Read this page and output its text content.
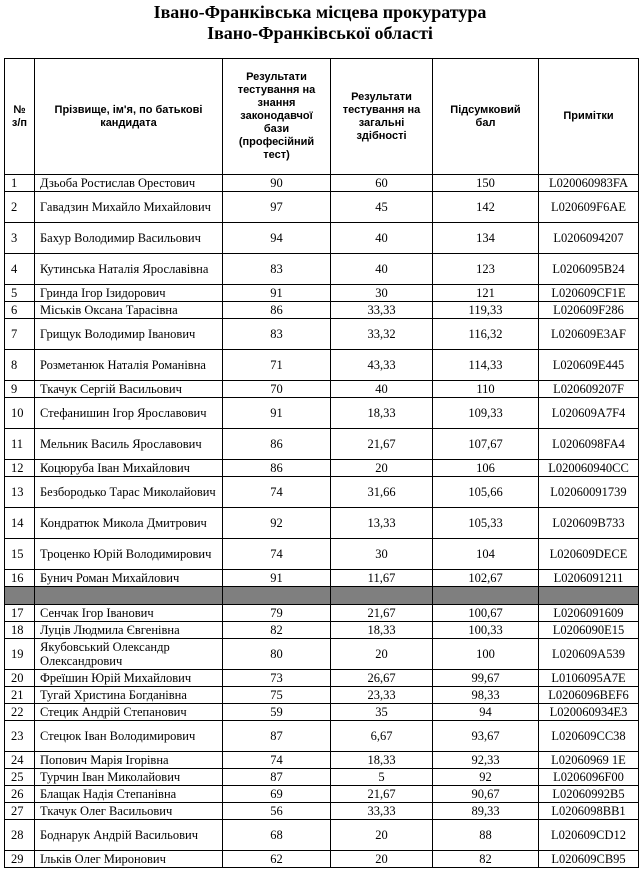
Івано-Франківська місцева прокуратура
Івано-Франківської області
№ з/п	Прізвище, ім'я, по батькові кандидата	Результати тестування на знання законодавчої бази (професійний тест)	Результати тестування на загальні здібності	Підсумковий бал	Примітки
1	Дзьоба Ростислав Орестович	90	60	150	L020060983FA
2	Гавадзин Михайло Михайлович	97	45	142	L020609F6AE
3	Бахур Володимир Васильович	94	40	134	L0206094207
4	Кутинська Наталія Ярославівна	83	40	123	L0206095B24
5	Гринда Ігор Ізидорович	91	30	121	L020609CF1E
6	Міськів Оксана Тарасівна	86	33,33	119,33	L020609F286
7	Грищук Володимир Іванович	83	33,32	116,32	L020609E3AF
8	Розметанюк Наталія Романівна	71	43,33	114,33	L020609E445
9	Ткачук Сергій Васильович	70	40	110	L020609207F
10	Стефанишин Ігор Ярославович	91	18,33	109,33	L020609A7F4
11	Мельник Василь Ярославович	86	21,67	107,67	L0206098FA4
12	Коцюруба Іван Михайлович	86	20	106	L020060940CC
13	Безбородько Тарас Миколайович	74	31,66	105,66	L02060091739
14	Кондратюк Микола Дмитрович	92	13,33	105,33	L020609B733
15	Троценко Юрій Володимирович	74	30	104	L020609DECE
16	Бунич Роман Михайлович	91	11,67	102,67	L0206091211

17	Сенчак Ігор Іванович	79	21,67	100,67	L0206091609
18	Луців Людмила Євгенівна	82	18,33	100,33	L0206090E15
19	Якубовський Олександр Олександрович	80	20	100	L020609A539
20	Фреїшин Юрій Михайлович	73	26,67	99,67	L0106095A7E
21	Тугай Христина Богданівна	75	23,33	98,33	L0206096BEF6
22	Стецик Андрій Степанович	59	35	94	L020060934E3
23	Стецюк Іван Володимирович	87	6,67	93,67	L020609CC38
24	Попович Марія Ігорівна	74	18,33	92,33	L02060969 1E
25	Турчин Іван Миколайович	87	5	92	L0206096F00
26	Блащак Надія Степанівна	69	21,67	90,67	L02060992B5
27	Ткачук Олег Васильович	56	33,33	89,33	L0206098BB1
28	Боднарук Андрій Васильович	68	20	88	L020609CD12
29	Ільків Олег Миронович	62	20	82	L020609CB95
